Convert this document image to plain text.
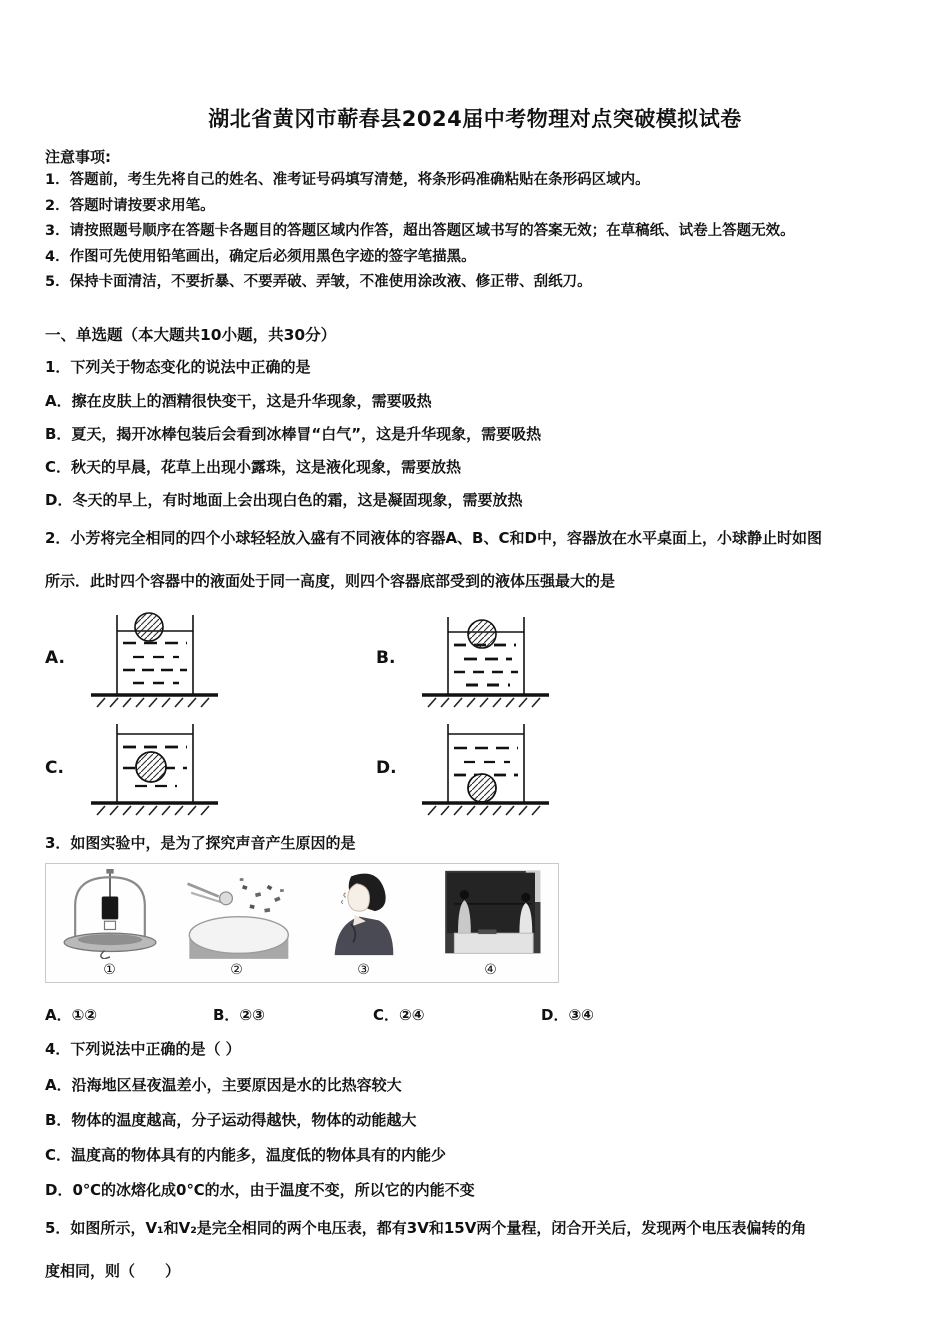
湖北省黄冈市蕲春县2024届中考物理对点突破模拟试卷
注意事项:
1．答题前，考生先将自己的姓名、准考证号码填写清楚，将条形码准确粘贴在条形码区域内。
2．答题时请按要求用笔。
3．请按照题号顺序在答题卡各题目的答题区域内作答，超出答题区域书写的答案无效；在草稿纸、试卷上答题无效。
4．作图可先使用铅笔画出，确定后必须用黑色字迹的签字笔描黑。
5．保持卡面清洁，不要折暴、不要弄破、弄皱，不准使用涂改液、修正带、刮纸刀。
一、单选题（本大题共10小题，共30分）
1．下列关于物态变化的说法中正确的是
A．擦在皮肤上的酒精很快变干，这是升华现象，需要吸热
B．夏天，揭开冰棒包装后会看到冰棒冒“白气”，这是升华现象，需要吸热
C．秋天的早晨，花草上出现小露珠，这是液化现象，需要放热
D．冬天的早上，有时地面上会出现白色的霜，这是凝固现象，需要放热
2．小芳将完全相同的四个小球轻轻放入盛有不同液体的容器A、B、C和D中，容器放在水平桌面上，小球静止时如图
所示．此时四个容器中的液面处于同一高度，则四个容器底部受到的液体压强最大的是
A.	B.
C.	D.
3．如图实验中，是为了探究声音产生原因的是
①	②	③	④
A．①②	B．②③	C．②④	D．③④
4．下列说法中正确的是（ ）
A．沿海地区昼夜温差小，主要原因是水的比热容较大
B．物体的温度越高，分子运动得越快，物体的动能越大
C．温度高的物体具有的内能多，温度低的物体具有的内能少
D．0℃的冰熔化成0℃的水，由于温度不变，所以它的内能不变
5．如图所示，V₁和V₂是完全相同的两个电压表，都有3V和15V两个量程，闭合开关后，发现两个电压表偏转的角
度相同，则（　　）
